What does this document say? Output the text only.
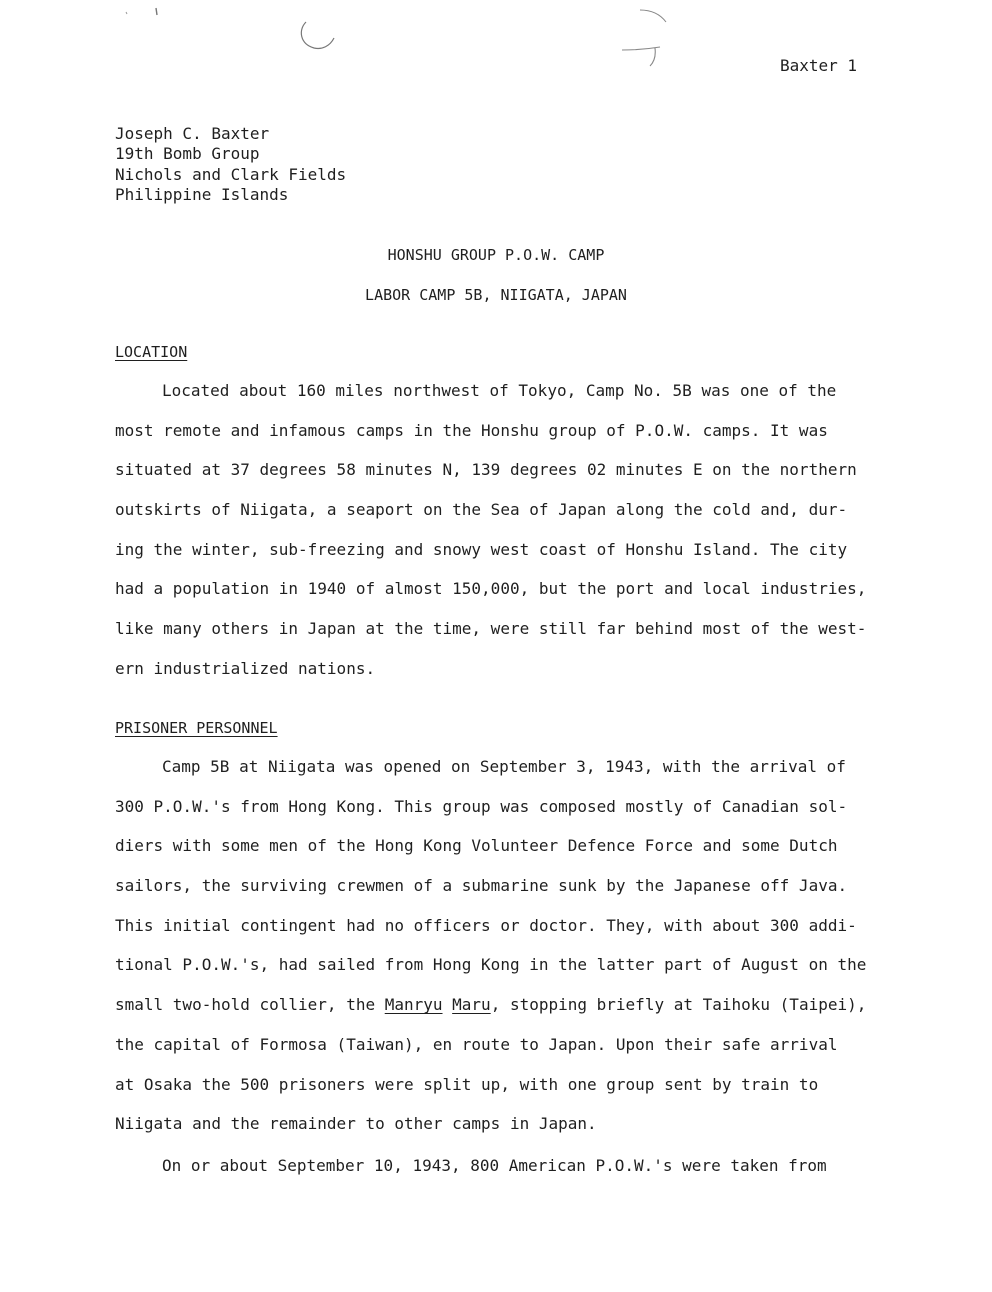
Baxter 1
Joseph C. Baxter
19th Bomb Group
Nichols and Clark Fields
Philippine Islands
HONSHU GROUP P.O.W. CAMP
LABOR CAMP 5B, NIIGATA, JAPAN
LOCATION
Located about 160 miles northwest of Tokyo, Camp No. 5B was one of the
most remote and infamous camps in the Honshu group of P.O.W. camps. It was
situated at 37 degrees 58 minutes N, 139 degrees 02 minutes E on the northern
outskirts of Niigata, a seaport on the Sea of Japan along the cold and, dur-
ing the winter, sub-freezing and snowy west coast of Honshu Island. The city
had a population in 1940 of almost 150,000, but the port and local industries,
like many others in Japan at the time, were still far behind most of the west-
ern industrialized nations.
PRISONER PERSONNEL
Camp 5B at Niigata was opened on September 3, 1943, with the arrival of
300 P.O.W.'s from Hong Kong. This group was composed mostly of Canadian sol-
diers with some men of the Hong Kong Volunteer Defence Force and some Dutch
sailors, the surviving crewmen of a submarine sunk by the Japanese off Java.
This initial contingent had no officers or doctor. They, with about 300 addi-
tional P.O.W.'s, had sailed from Hong Kong in the latter part of August on the
small two-hold collier, the Manryu Maru, stopping briefly at Taihoku (Taipei),
the capital of Formosa (Taiwan), en route to Japan. Upon their safe arrival
at Osaka the 500 prisoners were split up, with one group sent by train to
Niigata and the remainder to other camps in Japan.
On or about September 10, 1943, 800 American P.O.W.'s were taken from
